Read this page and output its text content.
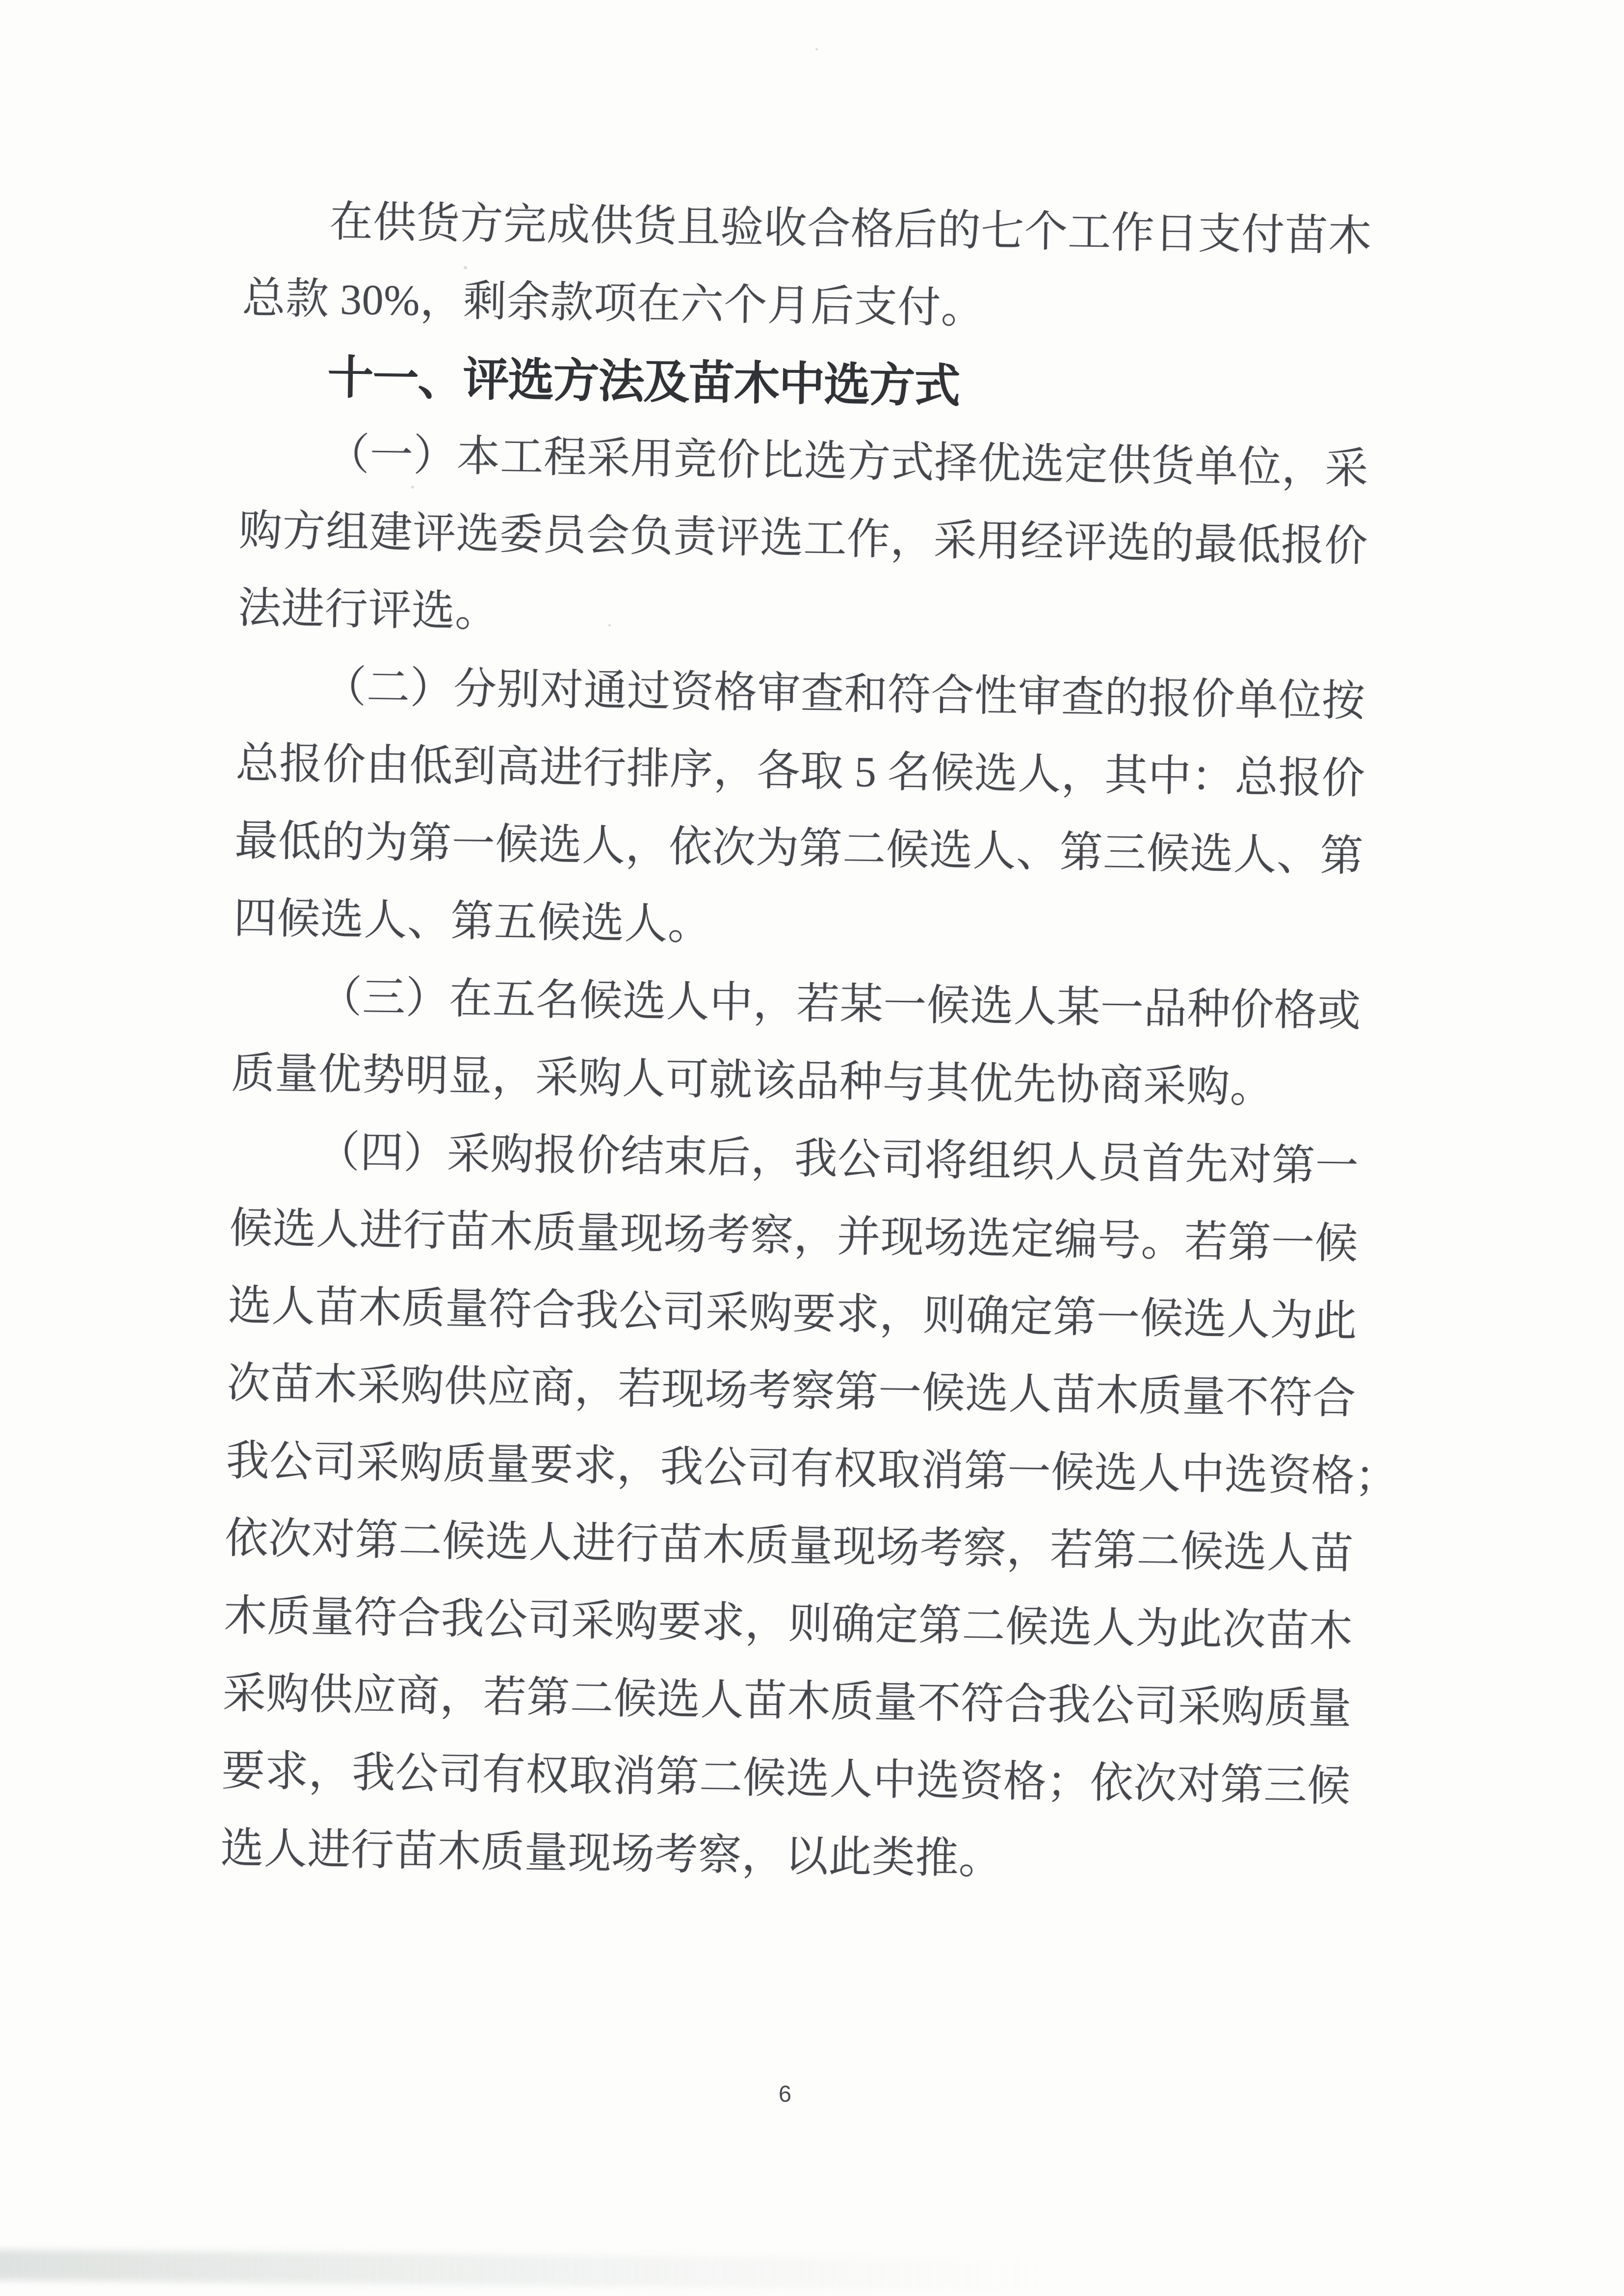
在供货方完成供货且验收合格后的七个工作日支付苗木
总款 30%，剩余款项在六个月后支付。
十一、评选方法及苗木中选方式
（一）本工程采用竞价比选方式择优选定供货单位，采
购方组建评选委员会负责评选工作，采用经评选的最低报价
法进行评选。
（二）分别对通过资格审查和符合性审查的报价单位按
总报价由低到高进行排序，各取 5 名候选人，其中：总报价
最低的为第一候选人，依次为第二候选人、第三候选人、第
四候选人、第五候选人。
（三）在五名候选人中，若某一候选人某一品种价格或
质量优势明显，采购人可就该品种与其优先协商采购。
（四）采购报价结束后，我公司将组织人员首先对第一
候选人进行苗木质量现场考察，并现场选定编号。若第一候
选人苗木质量符合我公司采购要求，则确定第一候选人为此
次苗木采购供应商，若现场考察第一候选人苗木质量不符合
我公司采购质量要求，我公司有权取消第一候选人中选资格；
依次对第二候选人进行苗木质量现场考察，若第二候选人苗
木质量符合我公司采购要求，则确定第二候选人为此次苗木
采购供应商，若第二候选人苗木质量不符合我公司采购质量
要求，我公司有权取消第二候选人中选资格；依次对第三候
选人进行苗木质量现场考察，以此类推。
6
